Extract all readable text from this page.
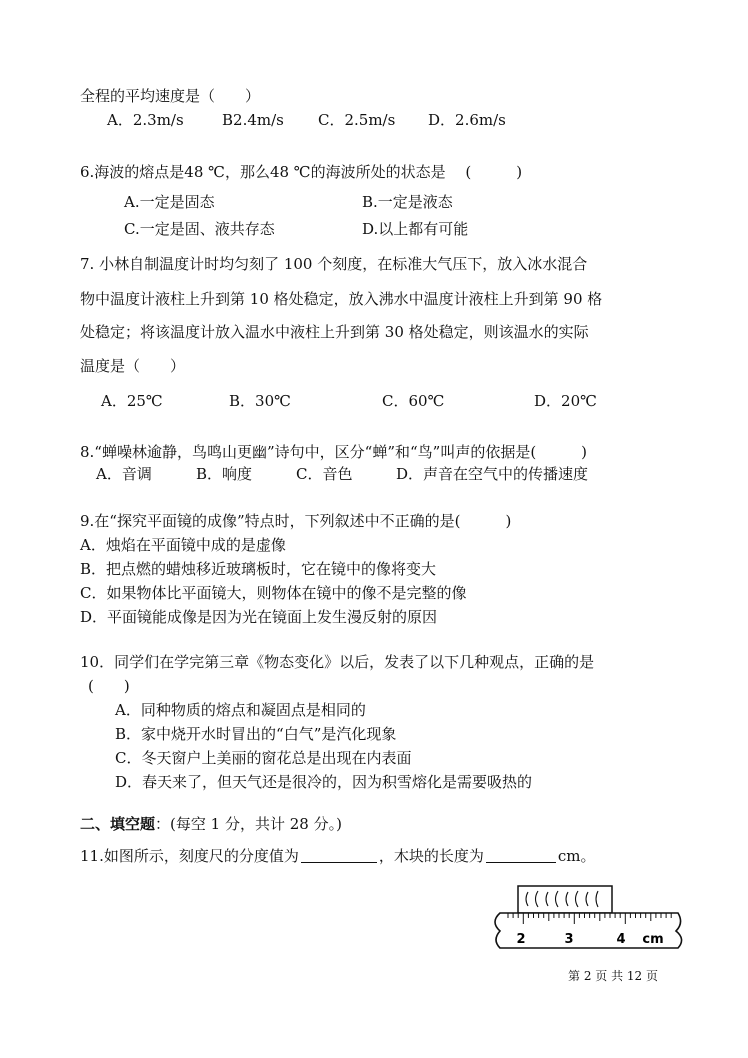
全程的平均速度是（　　）
A．2.3m/s	B2.4m/s C．2.5m/s D．2.6m/s
6.海波的熔点是48 ℃，那么48 ℃的海波所处的状态是　 (　　　)
A.一定是固态	B.一定是液态
C.一定是固、液共存态	D.以上都有可能
7. 小林自制温度计时均匀刻了 100 个刻度，在标准大气压下，放入冰水混合
物中温度计液柱上升到第 10 格处稳定，放入沸水中温度计液柱上升到第 90 格
处稳定；将该温度计放入温水中液柱上升到第 30 格处稳定，则该温水的实际
温度是（　　）
A．25℃	B．30℃	C．60℃	D．20℃
8.“蝉噪林逾静，鸟鸣山更幽”诗句中，区分“蝉”和“鸟”叫声的依据是(　　　)
A．音调	B．响度	C．音色	D．声音在空气中的传播速度
9.在“探究平面镜的成像”特点时，下列叙述中不正确的是(　　　)
A．烛焰在平面镜中成的是虚像
B．把点燃的蜡烛移近玻璃板时，它在镜中的像将变大
C．如果物体比平面镜大，则物体在镜中的像不是完整的像
D．平面镜能成像是因为光在镜面上发生漫反射的原因
10．同学们在学完第三章《物态变化》以后，发表了以下几种观点，正确的是
(　　)
A．同种物质的熔点和凝固点是相同的
B．家中烧开水时冒出的“白气”是汽化现象
C．冬天窗户上美丽的窗花总是出现在内表面
D．春天来了，但天气还是很冷的，因为积雪熔化是需要吸热的
二、填空题：(每空 1 分，共计 28 分。)
11.如图所示，刻度尺的分度值为	，木块的长度为	cm。
2	3	4 cm
第 2 页 共 12 页
